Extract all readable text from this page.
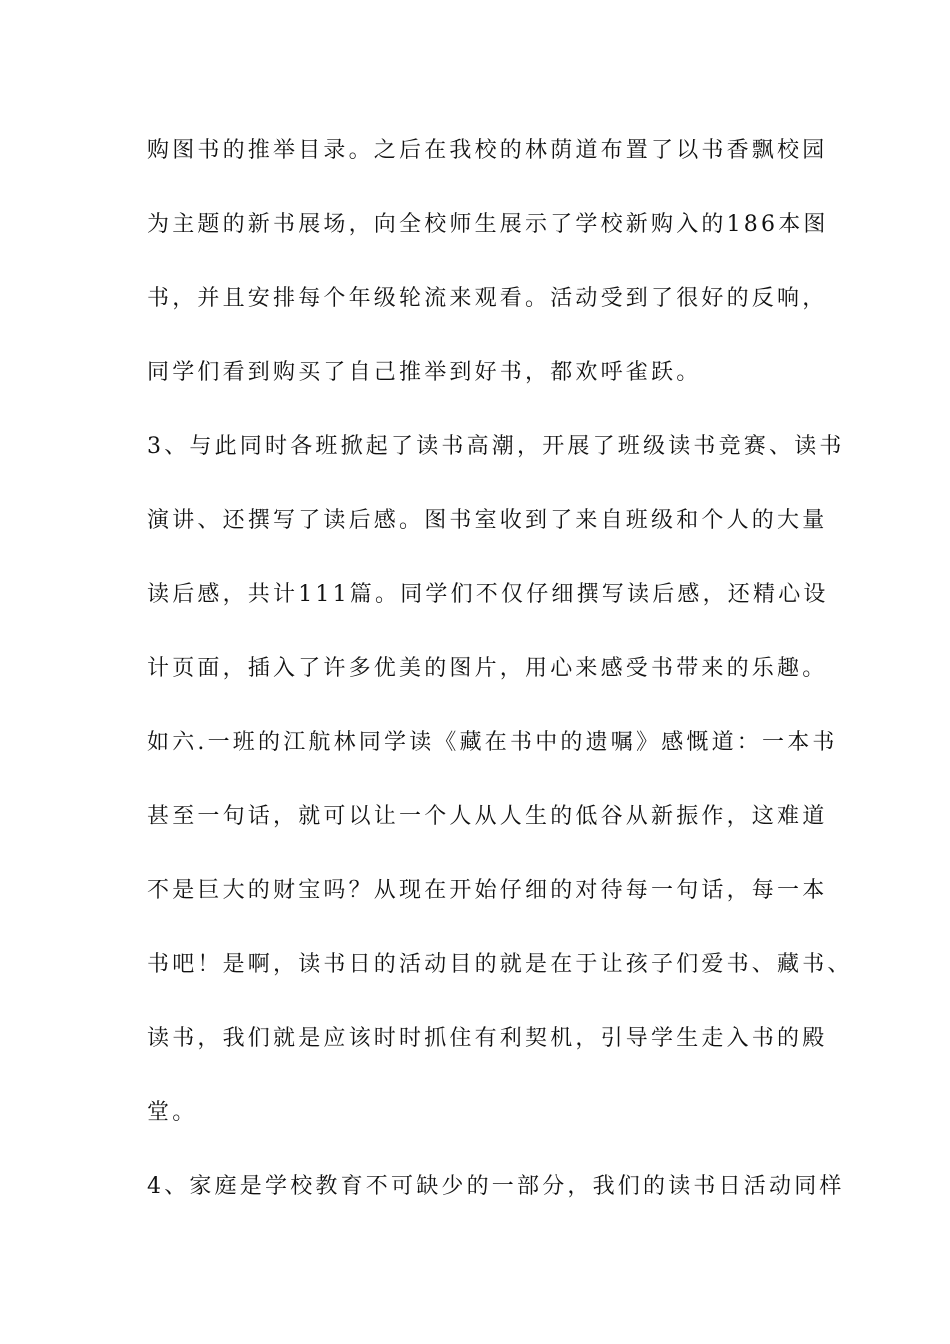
购图书的推举目录。之后在我校的林荫道布置了以书香飘校园
为主题的新书展场，向全校师生展示了学校新购入的186本图
书，并且安排每个年级轮流来观看。活动受到了很好的反响，
同学们看到购买了自己推举到好书，都欢呼雀跃。
3、与此同时各班掀起了读书高潮，开展了班级读书竞赛、读书
演讲、还撰写了读后感。图书室收到了来自班级和个人的大量
读后感，共计111篇。同学们不仅仔细撰写读后感，还精心设
计页面，插入了许多优美的图片，用心来感受书带来的乐趣。
如六.一班的江航林同学读《藏在书中的遗嘱》感慨道：一本书
甚至一句话，就可以让一个人从人生的低谷从新振作，这难道
不是巨大的财宝吗？从现在开始仔细的对待每一句话，每一本
书吧！是啊，读书日的活动目的就是在于让孩子们爱书、藏书、
读书，我们就是应该时时抓住有利契机，引导学生走入书的殿
堂。
4、家庭是学校教育不可缺少的一部分，我们的读书日活动同样
